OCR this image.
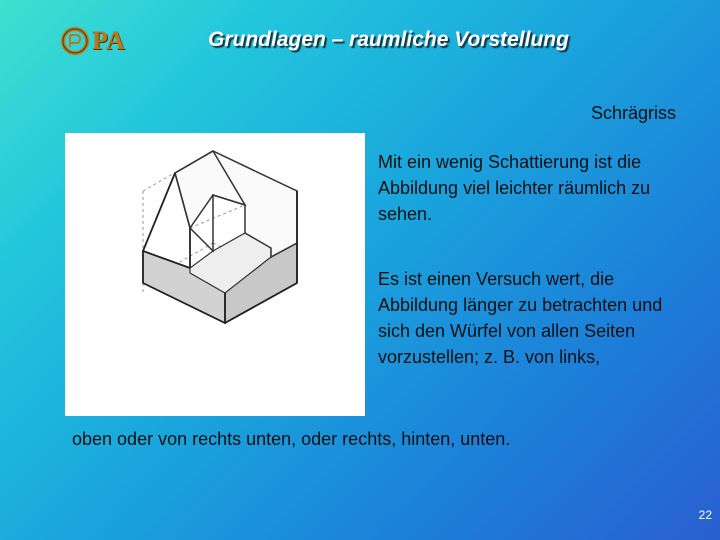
PA	Grundlagen – raumliche Vorstellung
Schrägriss
Mit ein wenig Schattierung ist die Abbildung viel leichter räumlich zu sehen.
Es ist einen Versuch wert, die Abbildung länger zu betrachten und sich den Würfel von allen Seiten vorzustellen; z. B. von links,
oben oder von rechts unten, oder rechts, hinten, unten.
22
